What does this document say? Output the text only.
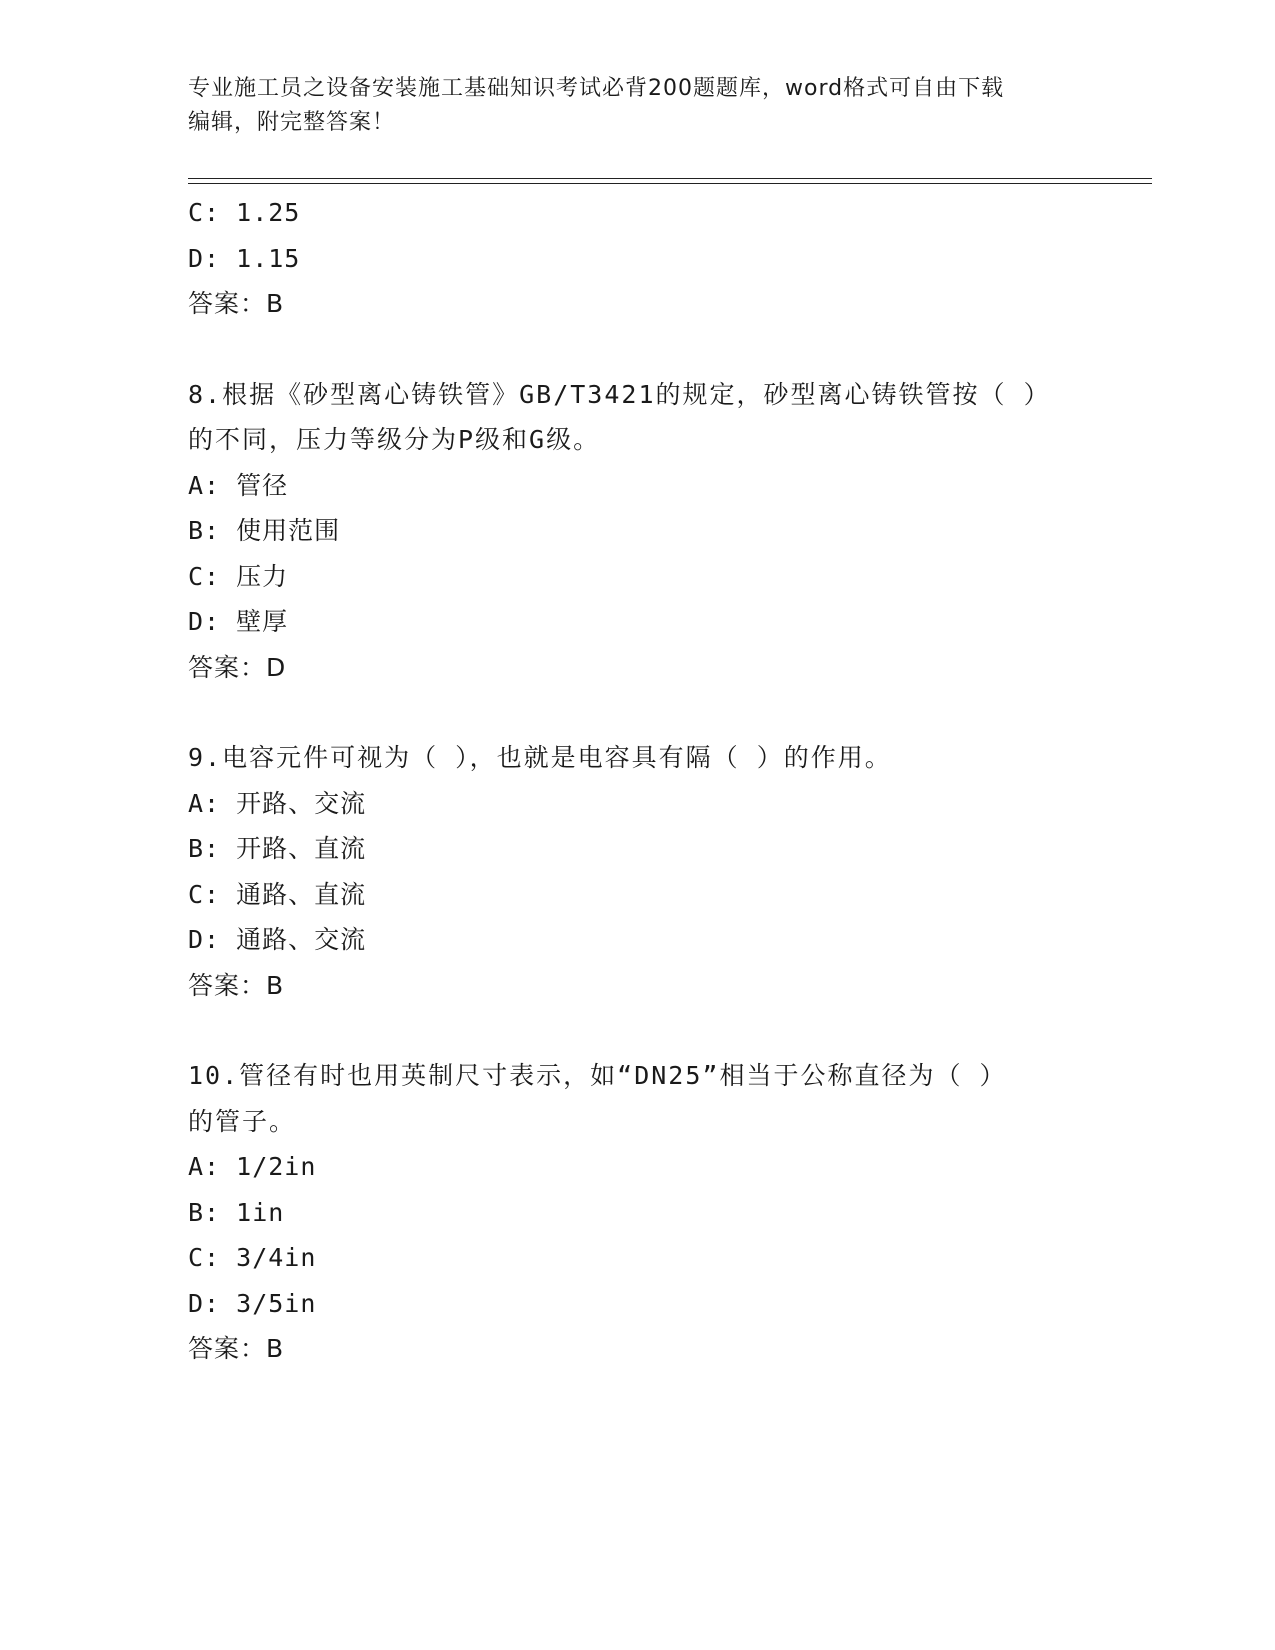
专业施工员之设备安装施工基础知识考试必背200题题库，word格式可自由下载
编辑，附完整答案！
C: 1.25
D: 1.15
答案：B
8.根据《砂型离心铸铁管》GB/T3421的规定，砂型离心铸铁管按（ ）
的不同，压力等级分为P级和G级。
A: 管径
B: 使用范围
C: 压力
D: 壁厚
答案：D
9.电容元件可视为（ ），也就是电容具有隔（ ）的作用。
A: 开路、交流
B: 开路、直流
C: 通路、直流
D: 通路、交流
答案：B
10.管径有时也用英制尺寸表示，如“DN25”相当于公称直径为（ ）
的管子。
A: 1/2in
B: 1in
C: 3/4in
D: 3/5in
答案：B
